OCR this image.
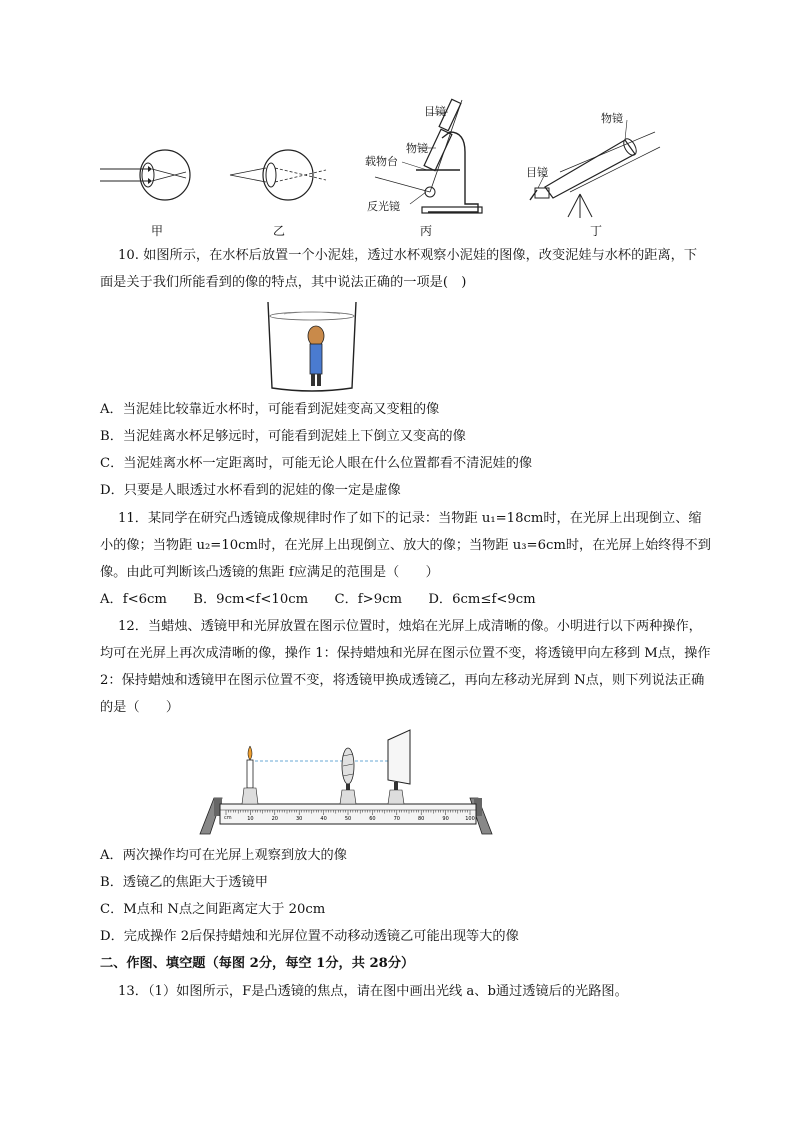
目镜
物镜
载物台
反光镜
物镜
目镜
甲	乙	丙	丁
10. 如图所示，在水杯后放置一个小泥娃，透过水杯观察小泥娃的图像，改变泥娃与水杯的距离，下
面是关于我们所能看到的像的特点，其中说法正确的一项是(　)
A．当泥娃比较靠近水杯时，可能看到泥娃变高又变粗的像
B．当泥娃离水杯足够远时，可能看到泥娃上下倒立又变高的像
C．当泥娃离水杯一定距离时，可能无论人眼在什么位置都看不清泥娃的像
D．只要是人眼透过水杯看到的泥娃的像一定是虚像
11．某同学在研究凸透镜成像规律时作了如下的记录：当物距 u₁=18cm时，在光屏上出现倒立、缩
小的像；当物距 u₂=10cm时，在光屏上出现倒立、放大的像；当物距 u₃=6cm时，在光屏上始终得不到
像。由此可判断该凸透镜的焦距 f应满足的范围是（　　）
A．f<6cm　　B．9cm<f<10cm　　C．f>9cm　　D．6cm≤f<9cm
12．当蜡烛、透镜甲和光屏放置在图示位置时，烛焰在光屏上成清晰的像。小明进行以下两种操作，
均可在光屏上再次成清晰的像，操作 1：保持蜡烛和光屏在图示位置不变，将透镜甲向左移到 M点，操作
2：保持蜡烛和透镜甲在图示位置不变，将透镜甲换成透镜乙，再向左移动光屏到 N点，则下列说法正确
的是（　　）
cm	10	20	30	40	50	60	70	80	90	100
A．两次操作均可在光屏上观察到放大的像
B．透镜乙的焦距大于透镜甲
C．M点和 N点之间距离定大于 20cm
D．完成操作 2后保持蜡烛和光屏位置不动移动透镜乙可能出现等大的像
二、作图、填空题（每图 2分，每空 1分，共 28分）
13．（1）如图所示，F是凸透镜的焦点，请在图中画出光线 a、b通过透镜后的光路图。
